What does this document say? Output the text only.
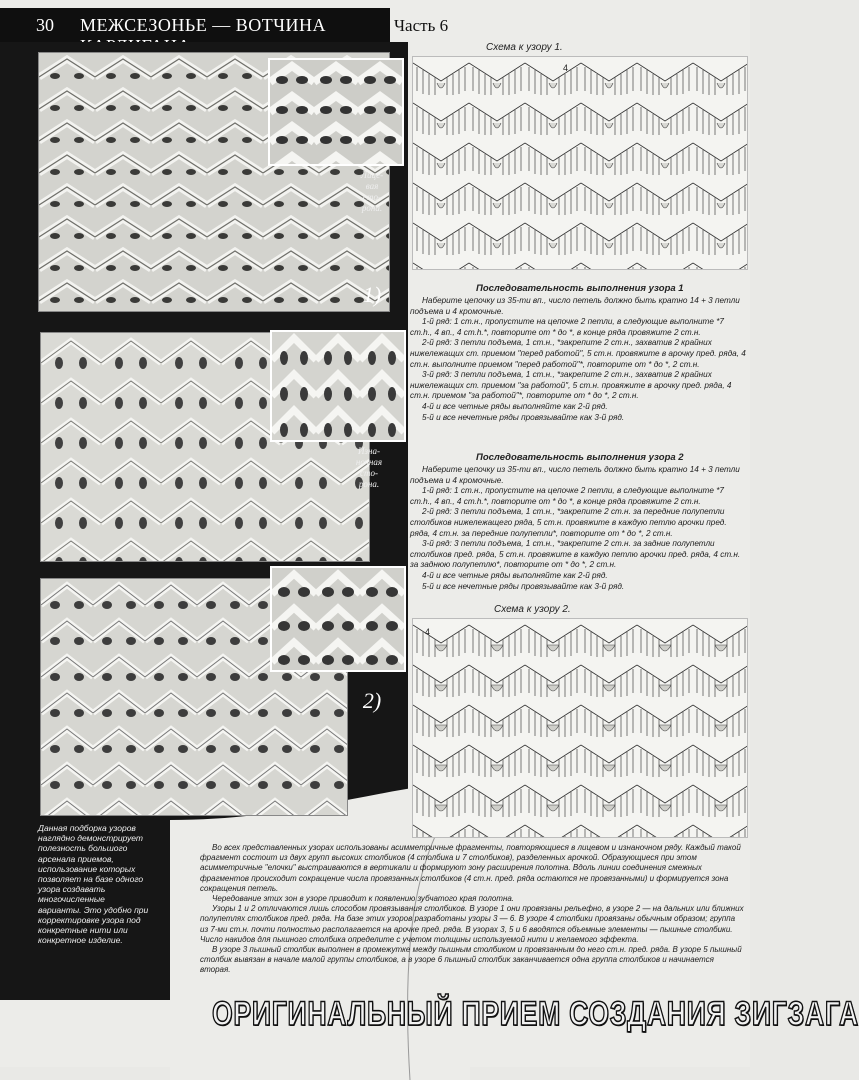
30 МЕЖСЕЗОНЬЕ — ВОТЧИНА	Часть 6
Лице-
вая
сто-
рона.
1)
Изна-
ночная
сто-
рона.
2)
Данная подборка узоров наглядно демонстрирует полезность большого арсенала приемов, использование которых позволяет на базе одного узора создавать многочисленные варианты. Это удобно при корректировке узора под конкретные нити или конкретное изделие.
Схема к узору 1.
4
Последовательность выполнения узора 1

Наберите цепочку из 35-ти вп., число петель должно быть кратно 14 + 3 петли подъема и 4 кромочные.

1-й ряд: 1 ст.н., пропустите на цепочке 2 петли, в следующие выполните *7 ст.h., 4 вп., 4 ст.h.*, повторите от * до *, в конце ряда провяжите 2 ст.н.

2-й ряд: 3 петли подъема, 1 ст.н., *закрепите 2 ст.н., захватив 2 крайних нижележащих ст. приемом "перед работой", 5 ст.н. провяжите в арочку пред. ряда, 4 ст.н. выполните приемом "перед работой"*, повторите от * до *, 2 ст.н.

3-й ряд: 3 петли подъема, 1 ст.н., *закрепите 2 ст.н., захватив 2 крайних нижележащих ст. приемом "за работой", 5 ст.н. провяжите в арочку пред. ряда, 4 ст.н. приемом "за работой"*, повторите от * до *, 2 ст.н.

4-й и все четные ряды выполняйте как 2-й ряд.

5-й и все нечетные ряды провязывайте как 3-й ряд.

Последовательность выполнения узора 2

Наберите цепочку из 35-ти вп., число петель должно быть кратно 14 + 3 петли подъема и 4 кромочные.

1-й ряд: 1 ст.н., пропустите на цепочке 2 петли, в следующие выполните *7 ст.h., 4 вп., 4 ст.h.*, повторите от * до *, в конце ряда провяжите 2 ст.н.

2-й ряд: 3 петли подъема, 1 ст.н., *закрепите 2 ст.н. за передние полупетли столбиков нижележащего ряда, 5 ст.н. провяжите в каждую петлю арочки пред. ряда, 4 ст.н. за передние полупетли*, повторите от * до *, 2 ст.н.

3-й ряд: 3 петли подъема, 1 ст.н., *закрепите 2 ст.н. за задние полупетли столбиков пред. ряда, 5 ст.н. провяжите в каждую петлю арочки пред. ряда, 4 ст.н. за заднюю полупетлю*, повторите от * до *, 2 ст.н.

4-й и все четные ряды выполняйте как 2-й ряд.

5-й и все нечетные ряды провязывайте как 3-й ряд.

Схема к узору 2.
4

Во всех представленных узорах использованы асимметричные фрагменты, повторяющиеся в лицевом и изнаночном ряду. Каждый такой фрагмент состоит из двух групп высоких столбиков (4 столбика и 7 столбиков), разделенных арочкой. Образующиеся при этом асимметричные "елочки" выстраиваются в вертикали и формируют зону расширения полотна. Вдоль линии соединения смежных фрагментов происходит сокращение числа провязанных столбиков (4 ст.н. пред. ряда остаются не провязанными) и формируется зона сокращения петель.

Чередование этих зон в узоре приводит к появлению зубчатого края полотна.

Узоры 1 и 2 отличаются лишь способом провязывания столбиков. В узоре 1 они провязаны рельефно, в узоре 2 — на дальних или ближних полупетлях столбиков пред. ряда. На базе этих узоров разработаны узоры 3 — 6. В узоре 4 столбики провязаны обычным образом; группа из 7-ми ст.н. почти полностью располагается на арочке пред. ряда. В узорах 3, 5 и 6 вводятся объемные элементы — пышные столбики. Число накидов для пышного столбика определите с учетом толщины используемой нити и желаемого эффекта.

В узоре 3 пышный столбик выполнен в промежутке между пышным столбиком и провязанным до него ст.н. пред. ряда. В узоре 5 пышный столбик вывязан в начале малой группы столбиков, а в узоре 6 пышный столбик заканчивается одна группа столбиков и начинается вторая.

ОРИГИНАЛЬНЫЙ ПРИЕМ СОЗДАНИЯ ЗИГЗАГА
